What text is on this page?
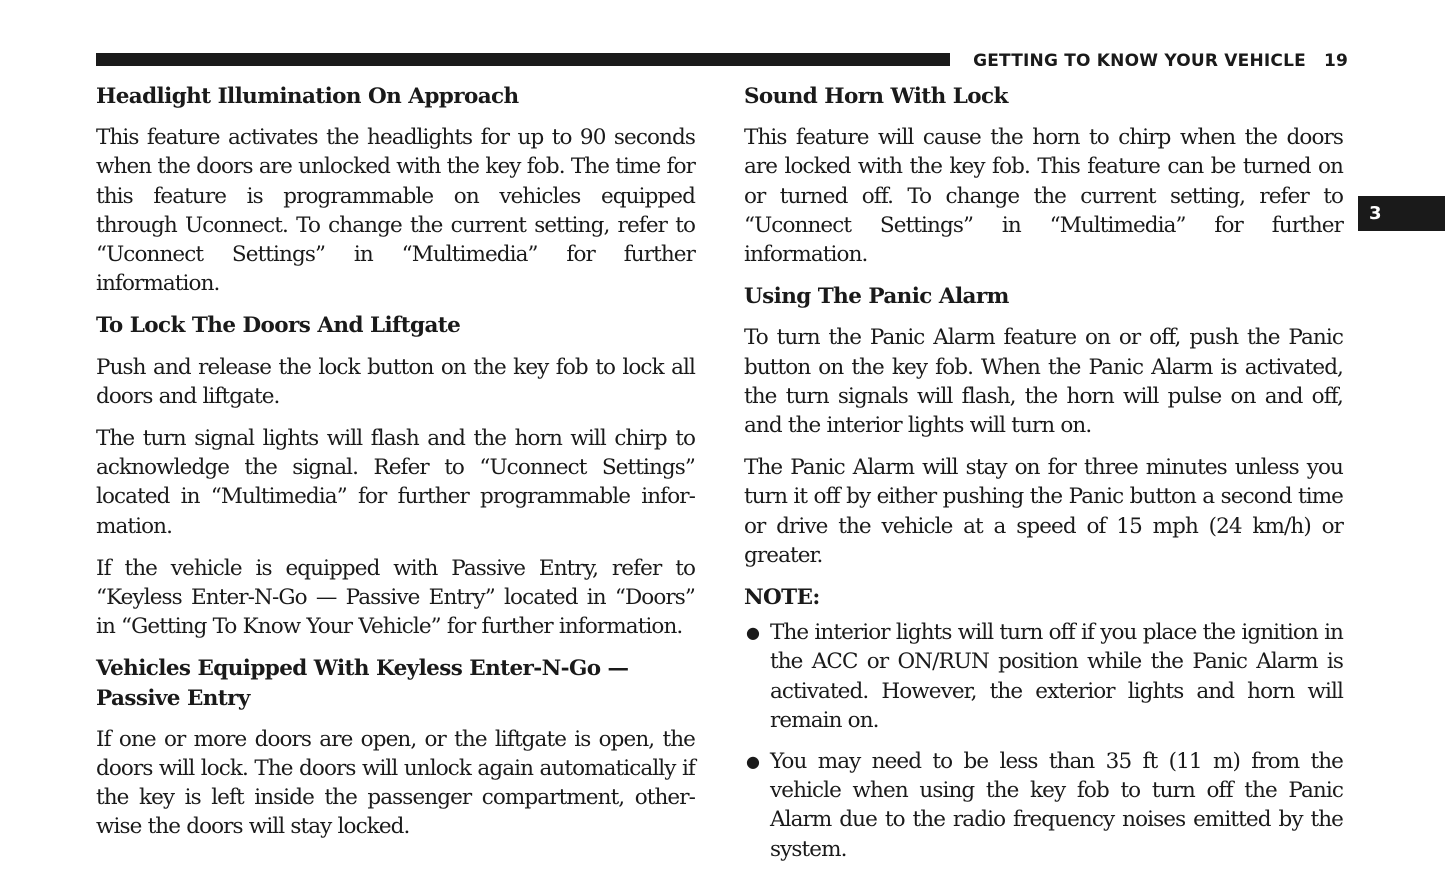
GETTING TO KNOW YOUR VEHICLE 19
3
Headlight Illumination On Approach

This feature activates the headlights for up to 90 seconds when the doors are unlocked with the key fob. The time for this feature is programmable on vehicles equipped through Uconnect. To change the current setting, refer to “Uconnect Settings” in “Multimedia” for further information.

To Lock The Doors And Liftgate

Push and release the lock button on the key fob to lock all doors and liftgate.

The turn signal lights will flash and the horn will chirp to acknowledge the signal. Refer to “Uconnect Settings” located in “Multimedia” for further programmable infor-mation.

If the vehicle is equipped with Passive Entry, refer to “Keyless Enter-N-Go — Passive Entry” located in “Doors” in “Getting To Know Your Vehicle” for further information.

Vehicles Equipped With Keyless Enter-N-Go — Passive Entry

If one or more doors are open, or the liftgate is open, the doors will lock. The doors will unlock again automatically if the key is left inside the passenger compartment, other-wise the doors will stay locked.

Sound Horn With Lock

This feature will cause the horn to chirp when the doors are locked with the key fob. This feature can be turned on or turned off. To change the current setting, refer to “Uconnect Settings” in “Multimedia” for further information.

Using The Panic Alarm

To turn the Panic Alarm feature on or off, push the Panic button on the key fob. When the Panic Alarm is activated, the turn signals will flash, the horn will pulse on and off, and the interior lights will turn on.

The Panic Alarm will stay on for three minutes unless you turn it off by either pushing the Panic button a second time or drive the vehicle at a speed of 15 mph (24 km/h) or greater.

NOTE:
● The interior lights will turn off if you place the ignition in the ACC or ON/RUN position while the Panic Alarm is activated. However, the exterior lights and horn will remain on.
● You may need to be less than 35 ft (11 m) from the vehicle when using the key fob to turn off the Panic Alarm due to the radio frequency noises emitted by the system.
